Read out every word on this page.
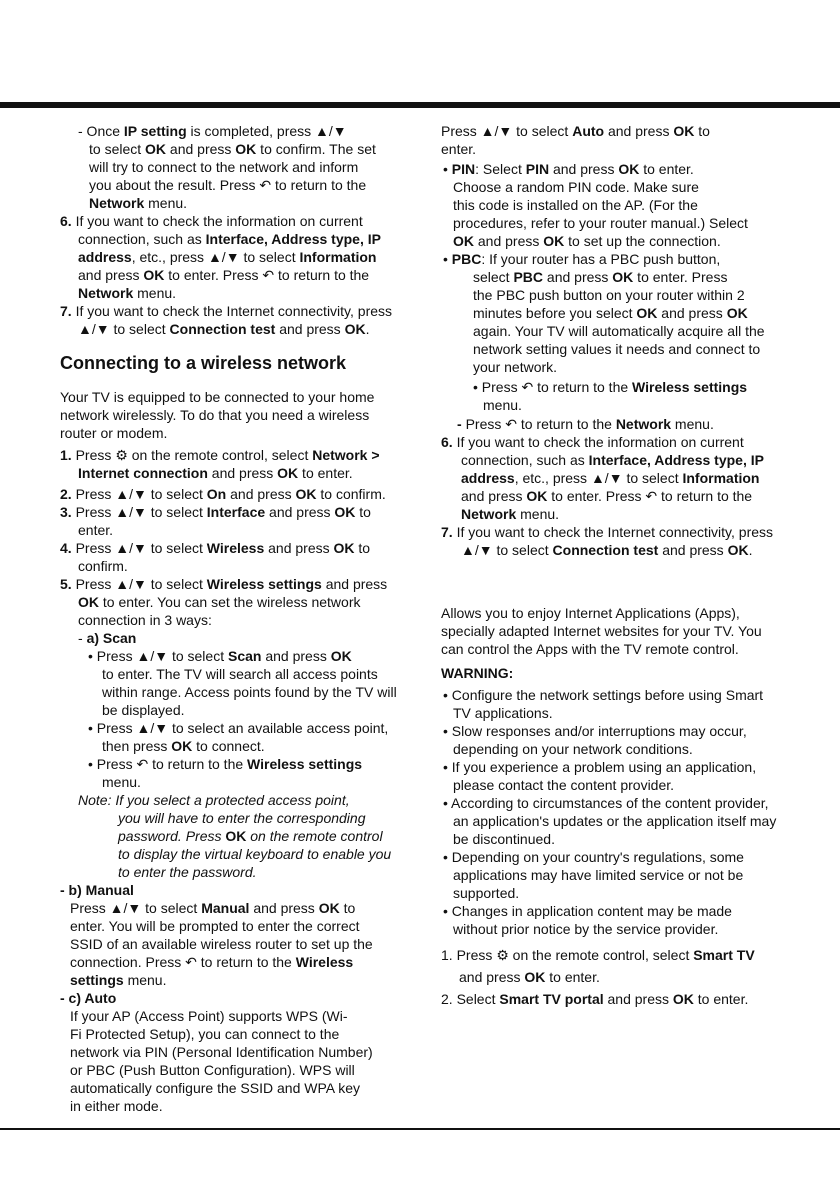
- Once IP setting is completed, press ▲/▼
to select OK and press OK to confirm. The set
will try to connect to the network and inform
you about the result. Press ↶ to return to the
Network menu.
6. If you want to check the information on current
connection, such as Interface, Address type, IP
address, etc., press ▲/▼ to select Information
and press OK to enter. Press ↶ to return to the
Network menu.
7. If you want to check the Internet connectivity, press
▲/▼ to select Connection test and press OK.
Connecting to a wireless network
Your TV is equipped to be connected to your home
network wirelessly. To do that you need a wireless
router or modem.
1. Press ⚙ on the remote control, select Network >
Internet connection and press OK to enter.
2. Press ▲/▼ to select On and press OK to confirm.
3. Press ▲/▼ to select Interface and press OK to
enter.
4. Press ▲/▼ to select Wireless and press OK to
confirm.
5. Press ▲/▼ to select Wireless settings and press
OK to enter. You can set the wireless network
connection in 3 ways:
- a) Scan
• Press ▲/▼ to select Scan and press OK
to enter. The TV will search all access points
within range. Access points found by the TV will
be displayed.
• Press ▲/▼ to select an available access point,
then press OK to connect.
• Press ↶ to return to the Wireless settings
menu.
Note: If you select a protected access point,
you will have to enter the corresponding
password. Press OK on the remote control
to display the virtual keyboard to enable you
to enter the password.
- b) Manual
Press ▲/▼ to select Manual and press OK to
enter. You will be prompted to enter the correct
SSID of an available wireless router to set up the
connection. Press ↶ to return to the Wireless
settings menu.
- c) Auto
If your AP (Access Point) supports WPS (Wi-
Fi Protected Setup), you can connect to the
network via PIN (Personal Identification Number)
or PBC (Push Button Configuration). WPS will
automatically configure the SSID and WPA key
in either mode.
Press ▲/▼ to select Auto and press OK to
enter.
• PIN: Select PIN and press OK to enter.
Choose a random PIN code. Make sure
this code is installed on the AP. (For the
procedures, refer to your router manual.) Select
OK and press OK to set up the connection.
• PBC: If your router has a PBC push button,
select PBC and press OK to enter. Press
the PBC push button on your router within 2
minutes before you select OK and press OK
again. Your TV will automatically acquire all the
network setting values it needs and connect to
your network.
• Press ↶ to return to the Wireless settings
menu.
- Press ↶ to return to the Network menu.
6. If you want to check the information on current
connection, such as Interface, Address type, IP
address, etc., press ▲/▼ to select Information
and press OK to enter. Press ↶ to return to the
Network menu.
7. If you want to check the Internet connectivity, press
▲/▼ to select Connection test and press OK.
Allows you to enjoy Internet Applications (Apps),
specially adapted Internet websites for your TV. You
can control the Apps with the TV remote control.
WARNING:
• Configure the network settings before using Smart
TV applications.
• Slow responses and/or interruptions may occur,
depending on your network conditions.
• If you experience a problem using an application,
please contact the content provider.
• According to circumstances of the content provider,
an application's updates or the application itself may
be discontinued.
• Depending on your country's regulations, some
applications may have limited service or not be
supported.
• Changes in application content may be made
without prior notice by the service provider.
1. Press ⚙ on the remote control, select Smart TV
and press OK to enter.
2. Select Smart TV portal and press OK to enter.
